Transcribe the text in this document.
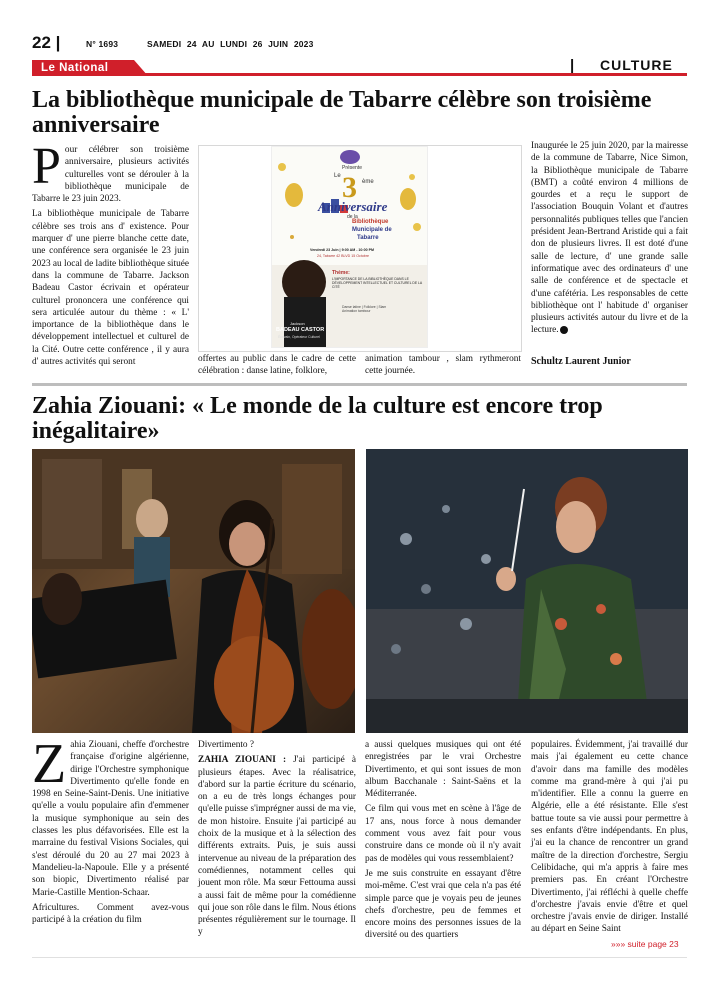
22 |	N° 1693	SAMEDI 24 AU LUNDI 26 JUIN 2023
Le National	| CULTURE
La bibliothèque municipale de Tabarre célèbre son troisième anniversaire

Pour célébrer son troisième anniversaire, plusieurs activités culturelles vont se dérouler à la bibliothèque municipale de Tabarre le 23 juin 2023.

La bibliothèque municipale de Tabarre célèbre ses trois ans d' existence. Pour marquer d' une pierre blanche cette date, une conférence sera organisée le 23 juin 2023 au local de ladite bibliothèque située dans la commune de Tabarre. Jackson Badeau Castor écrivain et opérateur culturel prononcera une conférence qui sera articulée autour du thème : « L' importance de la bibliothèque dans le développement intellectuel et culturel de la Cité. Outre cette conférence , il y aura d' autres activités qui seront

Présente
Le 3 ème
Anniversaire
de la
Bibliothèque
Municipale de
Tabarre
Vendredi 23 Juin | 9:00 AM - 10:00 PM
24, Tabarre 42 BLVD 15 Octobre
Thème:
L'IMPORTANCE DE LA BIBLIOTHÈQUE DANS LE DÉVELOPPEMENT INTELLECTUEL ET CULTUREL DE LA CITÉ
Danse latine | Folklore | Slam
Animation tambour
Jackson
BADEAU CASTOR
Écrivain, Opérateur Culturel
offertes au public dans le cadre de cette célébration : danse latine, folklore,
animation tambour , slam rythmeront cette journée.
Inaugurée le 25 juin 2020, par la mairesse de la commune de Tabarre, Nice Simon, la Bibliothèque municipale de Tabarre (BMT) a coûté environ 4 millions de gourdes et a reçu le support de l'association Bouquin Volant et d'autres personnalités publiques telles que l'ancien président Jean-Bertrand Aristide qui a fait don de plusieurs livres. Il est doté d'une salle de lecture, d' une grande salle informatique avec des ordinateurs d' une salle de conférence et de spectacle et d'une cafétéria. Les responsables de cette bibliothèque ont l' habitude d' organiser plusieurs activités autour du livre et de la lecture.
Schultz Laurent Junior
Zahia Ziouani: « Le monde de la culture est encore trop inégalitaire»

Zahia Ziouani, cheffe d'orchestre française d'origine algérienne, dirige l'Orchestre symphonique Divertimento qu'elle fonde en 1998 en Seine-Saint-Denis. Une initiative qu'elle a voulu populaire afin d'emmener la musique symphonique au sein des classes les plus défavorisées. Elle est la marraine du festival Visions Sociales, qui s'est déroulé du 20 au 27 mai 2023 à Mandelieu-la-Napoule. Elle y a présenté son biopic, Divertimento réalisé par Marie-Castille Mention-Schaar.

Africultures. Comment avez-vous participé à la création du film

Divertimento ?

ZAHIA ZIOUANI : J'ai participé à plusieurs étapes. Avec la réalisatrice, d'abord sur la partie écriture du scénario, on a eu de très longs échanges pour qu'elle puisse s'imprégner aussi de ma vie, de mon histoire. Ensuite j'ai participé au choix de la musique et à la sélection des différents extraits. Puis, je suis aussi intervenue au niveau de la préparation des comédiennes, notamment celles qui jouent mon rôle. Ma sœur Fettouma aussi a aussi fait de même pour la comédienne qui joue son rôle dans le film. Nous étions présentes régulièrement sur le tournage. Il y

a aussi quelques musiques qui ont été enregistrées par le vrai Orchestre Divertimento, et qui sont issues de mon album Bacchanale : Saint-Saëns et la Méditerranée.

Ce film qui vous met en scène à l'âge de 17 ans, nous force à nous demander comment vous avez fait pour vous construire dans ce monde où il n'y avait pas de modèles qui vous ressemblaient?

Je me suis construite en essayant d'être moi-même. C'est vrai que cela n'a pas été simple parce que je voyais peu de jeunes chefs d'orchestre, peu de femmes et encore moins des personnes issues de la diversité ou des quartiers

populaires. Évidemment, j'ai travaillé dur mais j'ai également eu cette chance d'avoir dans ma famille des modèles comme ma grand-mère à qui j'ai pu m'identifier. Elle a connu la guerre en Algérie, elle a été résistante. Elle s'est battue toute sa vie aussi pour permettre à ses enfants d'être indépendants. En plus, j'ai eu la chance de rencontrer un grand maître de la direction d'orchestre, Sergiu Celibidache, qui m'a appris à faire mes premiers pas. En créant l'Orchestre Divertimento, j'ai réfléchi à quelle cheffe d'orchestre j'avais envie d'être et quel orchestre j'avais envie de diriger. Installé au départ en Seine Saint
»»» suite page 23
